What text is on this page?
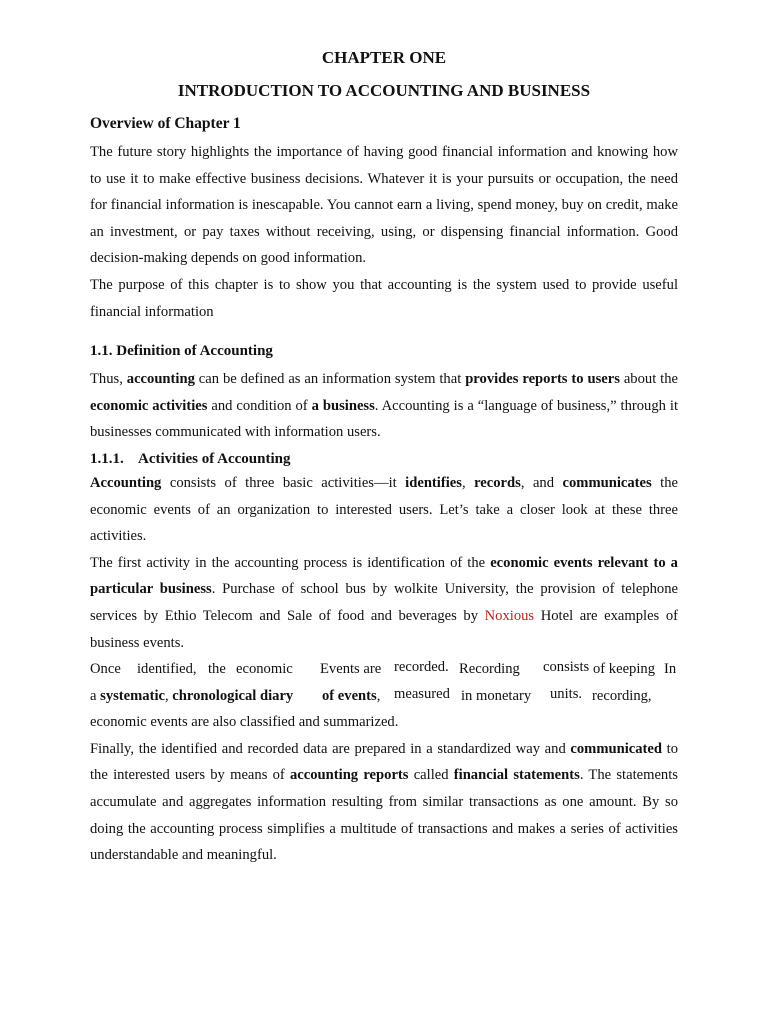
CHAPTER ONE

INTRODUCTION TO ACCOUNTING AND BUSINESS

Overview of Chapter 1

The future story highlights the importance of having good financial information and knowing how to use it to make effective business decisions. Whatever it is your pursuits or occupation, the need for financial information is inescapable. You cannot earn a living, spend money, buy on credit, make an investment, or pay taxes without receiving, using, or dispensing financial information. Good decision-making depends on good information.

The purpose of this chapter is to show you that accounting is the system used to provide useful financial information

1.1. Definition of Accounting

Thus, accounting can be defined as an information system that provides reports to users about the economic activities and condition of a business. Accounting is a “language of business,” through it businesses communicated with information users.

1.1.1. Activities of Accounting

Accounting consists of three basic activities—it identifies, records, and communicates the economic events of an organization to interested users. Let’s take a closer look at these three activities.

The first activity in the accounting process is identification of the economic events relevant to a particular business. Purchase of school bus by wolkite University, the provision of telephone services by Ethio Telecom and Sale of food and beverages by Noxious Hotel are examples of business events.

Once identified, the economic Events are recorded. Recording consists of keeping In
a systematic, chronological diary of events, measured in monetary units. recording,

economic events are also classified and summarized.

Finally, the identified and recorded data are prepared in a standardized way and communicated to the interested users by means of accounting reports called financial statements. The statements accumulate and aggregates information resulting from similar transactions as one amount. By so doing the accounting process simplifies a multitude of transactions and makes a series of activities understandable and meaningful.
